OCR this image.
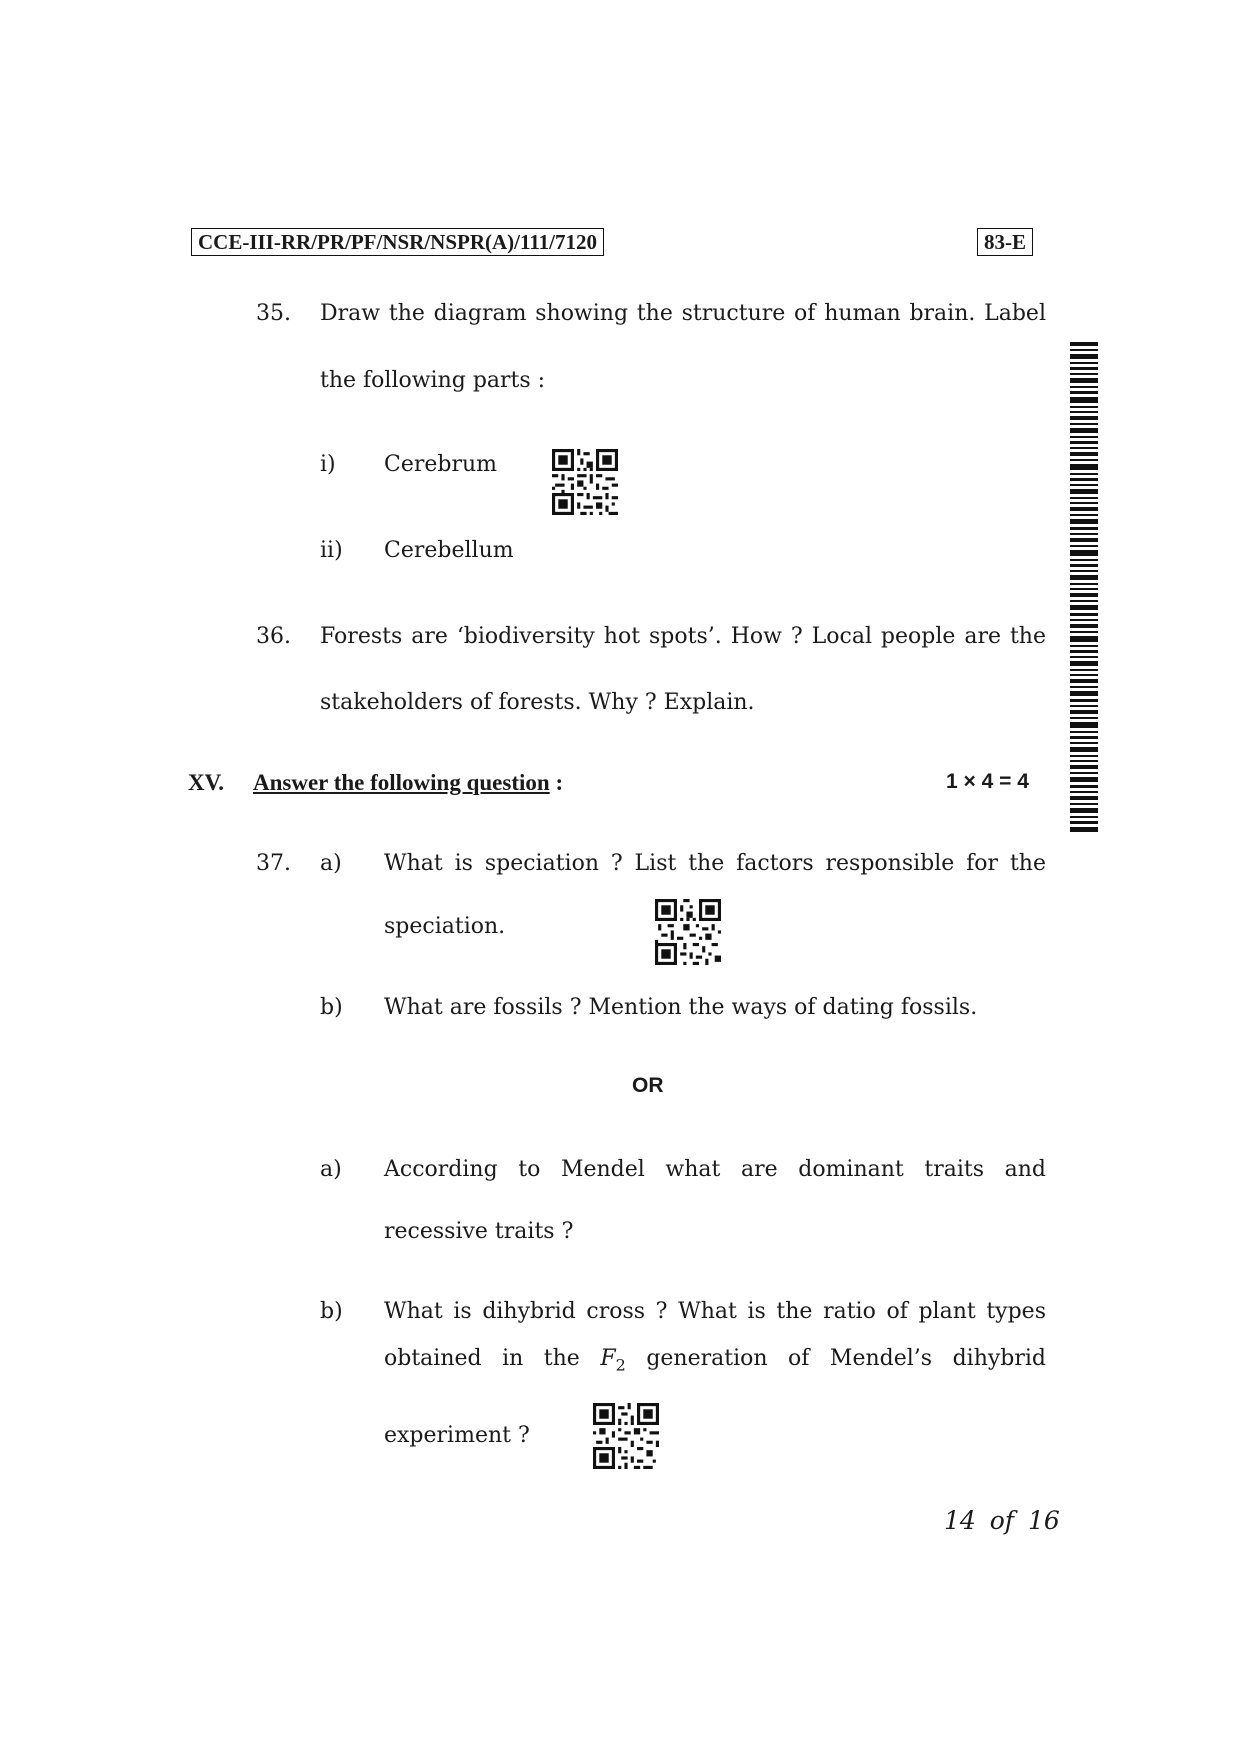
CCE-III-RR/PR/PF/NSR/NSPR(A)/111/7120	83-E
35. Draw the diagram showing the structure of human brain. Label
the following parts :
i) Cerebrum
ii) Cerebellum
36. Forests are ‘biodiversity hot spots’. How ? Local people are the
stakeholders of forests. Why ? Explain.
XV. Answer the following question :	1 × 4 = 4
37. a) What is speciation ? List the factors responsible for the
speciation.
b) What are fossils ? Mention the ways of dating fossils.
OR
a) According to Mendel what are dominant traits and
recessive traits ?
b) What is dihybrid cross ? What is the ratio of plant types
obtained in the $F_2$ generation of Mendel’s dihybrid
experiment ?
14 of 16
